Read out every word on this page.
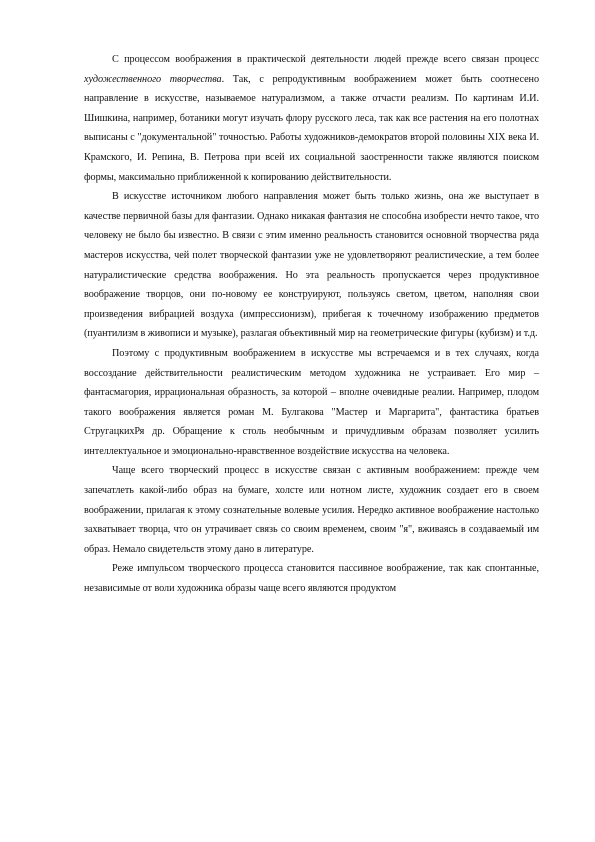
С процессом воображения в практической деятельности людей прежде всего связан процесс художественного творчества. Так, с репродуктивным воображением может быть соотнесено направление в искусстве, называемое натурализмом, а также отчасти реализм. По картинам И.И. Шишкина, например, ботаники могут изучать флору русского леса, так как все растения на его полотнах выписаны с "документальной" точностью. Работы художников-демократов второй половины XIX века И. Крамского, И. Репина, В. Петрова при всей их социальной заостренности также являются поиском формы, максимально приближенной к копированию действительности.

В искусстве источником любого направления может быть только жизнь, она же выступает в качестве первичной базы для фантазии. Однако никакая фантазия не способна изобрести нечто такое, что человеку не было бы известно. В связи с этим именно реальность становится основной творчества ряда мастеров искусства, чей полет творческой фантазии уже не удовлетворяют реалистические, а тем более натуралистические средства воображения. Но эта реальность пропускается через продуктивное воображение творцов, они по-новому ее конструируют, пользуясь светом, цветом, наполняя свои произведения вибрацией воздуха (импрессионизм), прибегая к точечному изображению предметов (пуантилизм в живописи и музыке), разлагая объективный мир на геометрические фигуры (кубизм) и т.д.

Поэтому с продуктивным воображением в искусстве мы встречаемся и в тех случаях, когда воссоздание действительности реалистическим методом художника не устраивает. Его мир – фантасмагория, иррациональная образность, за которой – вполне очевидные реалии. Например, плодом такого воображения является роман М. Булгакова "Мастер и Маргарита", фантастика братьев СтругацкихРя др. Обращение к столь необычным и причудливым образам позволяет усилить интеллектуальное и эмоционально-нравственное воздействие искусства на человека.

Чаще всего творческий процесс в искусстве связан с активным воображением: прежде чем запечатлеть какой-либо образ на бумаге, холсте или нотном листе, художник создает его в своем воображении, прилагая к этому сознательные волевые усилия. Нередко активное воображение настолько захватывает творца, что он утрачивает связь со своим временем, своим "я", вживаясь в создаваемый им образ. Немало свидетельств этому дано в литературе.

Реже импульсом творческого процесса становится пассивное воображение, так как спонтанные, независимые от воли художника образы чаще всего являются продуктом
